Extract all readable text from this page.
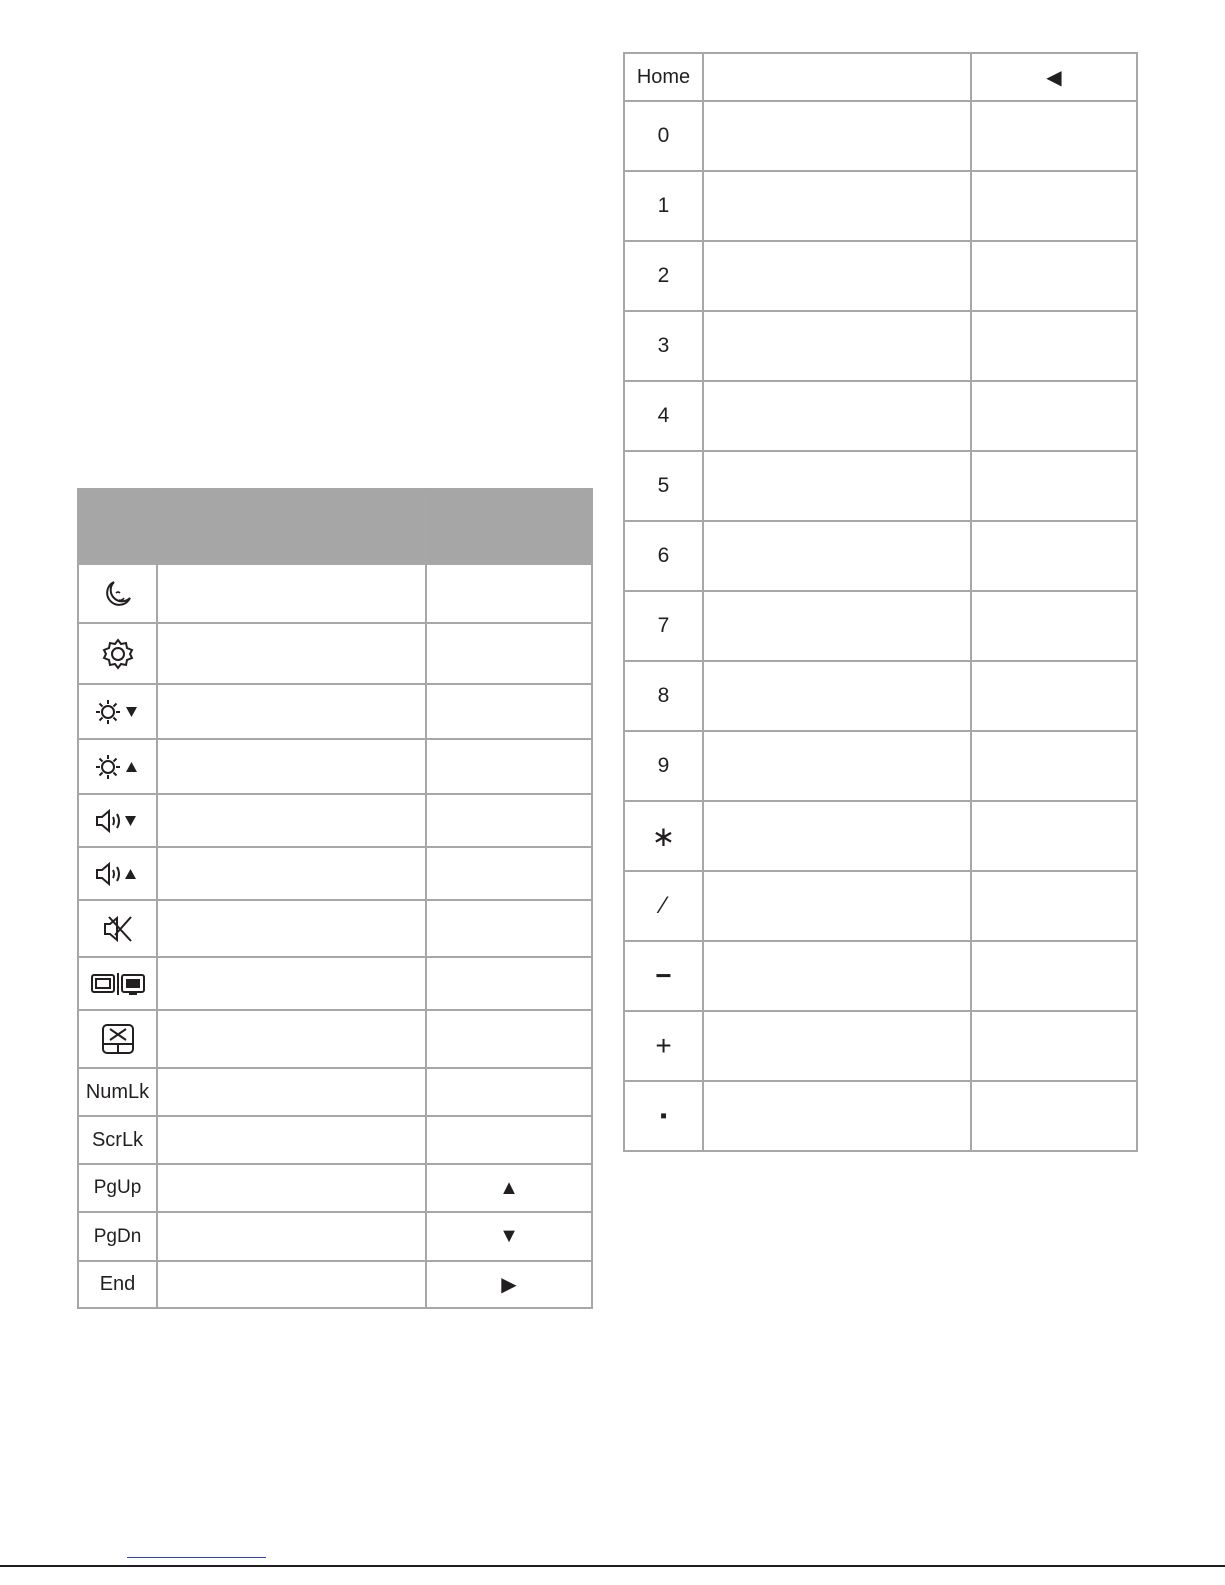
NumLk		
ScrLk		
PgUp		▲
PgDn		▼
End		▶
Home		◀
0		
1		
2		
3		
4		
5		
6		
7		
8		
9		
∗		
∕		
−		
+		
▪		
